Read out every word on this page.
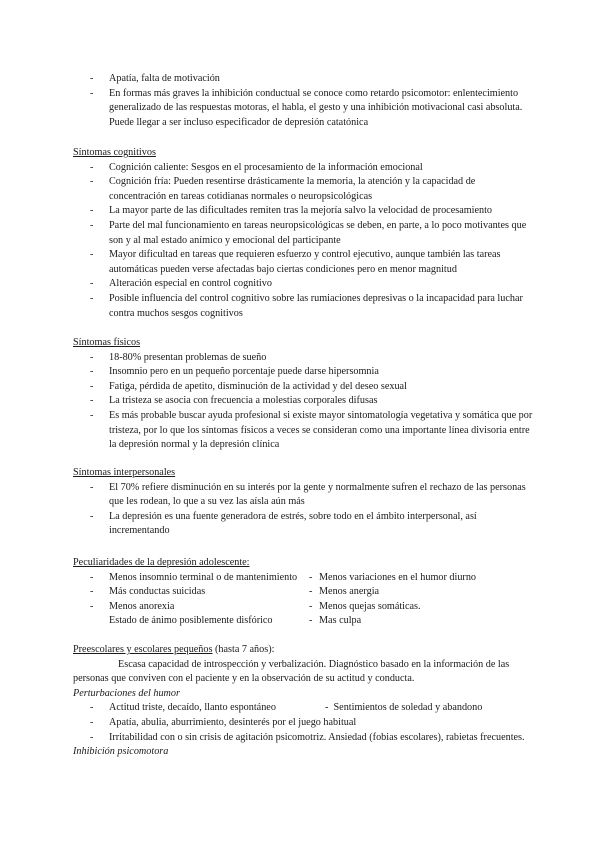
- Apatía, falta de motivación
- En formas más graves la inhibición conductual se conoce como retardo psicomotor: enlentecimiento generalizado de las respuestas motoras, el habla, el gesto y una inhibición motivacional casi absoluta. Puede llegar a ser incluso especificador de depresión catatónica
Síntomas cognitivos
- Cognición caliente: Sesgos en el procesamiento de la información emocional
- Cognición fría: Pueden resentirse drásticamente la memoria, la atención y la capacidad de concentración en tareas cotidianas normales o neuropsicológicas
- La mayor parte de las dificultades remiten tras la mejoría salvo la velocidad de procesamiento
- Parte del mal funcionamiento en tareas neuropsicológicas se deben, en parte, a lo poco motivantes que son y al mal estado anímico y emocional del participante
- Mayor dificultad en tareas que requieren esfuerzo y control ejecutivo, aunque también las tareas automáticas pueden verse afectadas bajo ciertas condiciones pero en menor magnitud
- Alteración especial en control cognitivo
- Posible influencia del control cognitivo sobre las rumiaciones depresivas o la incapacidad para luchar contra muchos sesgos cognitivos
Síntomas físicos
- 18-80% presentan problemas de sueño
- Insomnio pero en un pequeño porcentaje puede darse hipersomnia
- Fatiga, pérdida de apetito, disminución de la actividad y del deseo sexual
- La tristeza se asocia con frecuencia a molestias corporales difusas
- Es más probable buscar ayuda profesional si existe mayor sintomatología vegetativa y somática que por tristeza, por lo que los síntomas físicos a veces se consideran como una importante línea divisoria entre la depresión normal y la depresión clínica
Síntomas interpersonales
- El 70% refiere disminución en su interés por la gente y normalmente sufren el rechazo de las personas que les rodean, lo que a su vez las aísla aún más
- La depresión es una fuente generadora de estrés, sobre todo en el ámbito interpersonal, así incrementando
Peculiaridades de la depresión adolescente:
- Menos insomnio terminal o de mantenimiento
- Más conductas suicidas
- Menos anorexia
Estado de ánimo posiblemente disfórico
- Menos variaciones en el humor diurno
- Menos anergia
- Menos quejas somáticas.
- Mas culpa
Preescolares y escolares pequeños (hasta 7 años):
Escasa capacidad de introspección y verbalización. Diagnóstico basado en la información de las personas que conviven con el paciente y en la observación de su actitud y conducta.
Perturbaciones del humor
- Actitud triste, decaído, llanto espontáneo	- Sentimientos de soledad y abandono
- Apatía, abulia, aburrimiento, desinterés por el juego habitual
- Irritabilidad con o sin crisis de agitación psicomotriz. Ansiedad (fobias escolares), rabietas frecuentes.
Inhibición psicomotora
